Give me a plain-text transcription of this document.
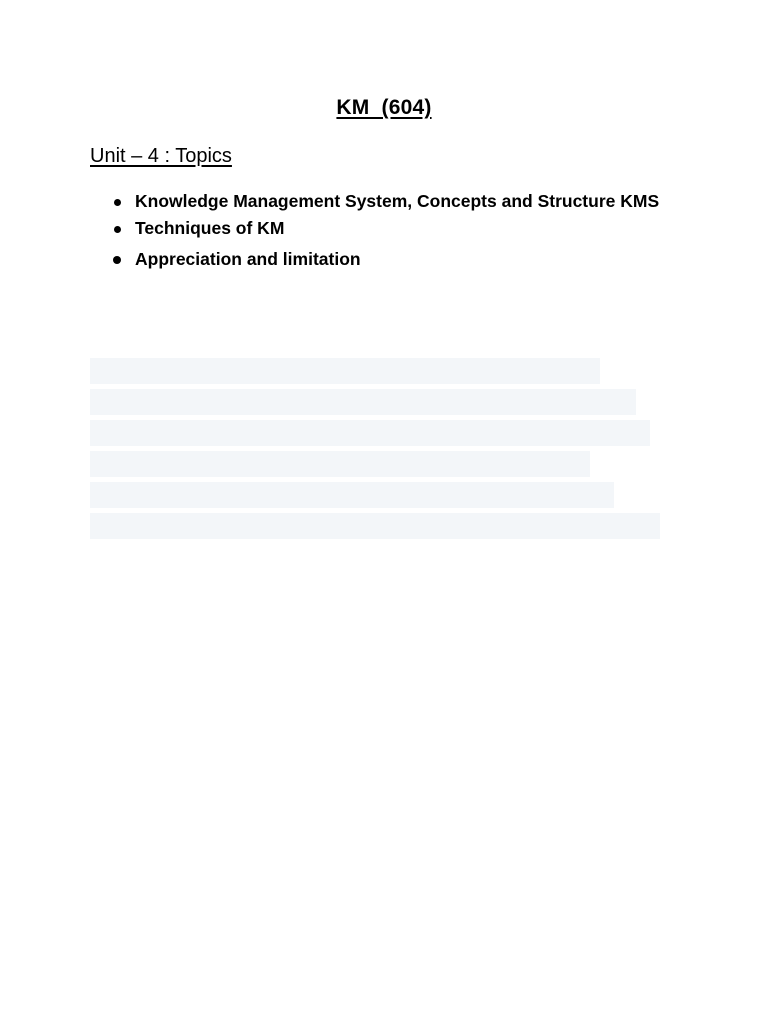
KM  (604)
Unit – 4 : Topics
Knowledge Management System, Concepts and Structure KMS
Techniques of KM
Appreciation and limitation
